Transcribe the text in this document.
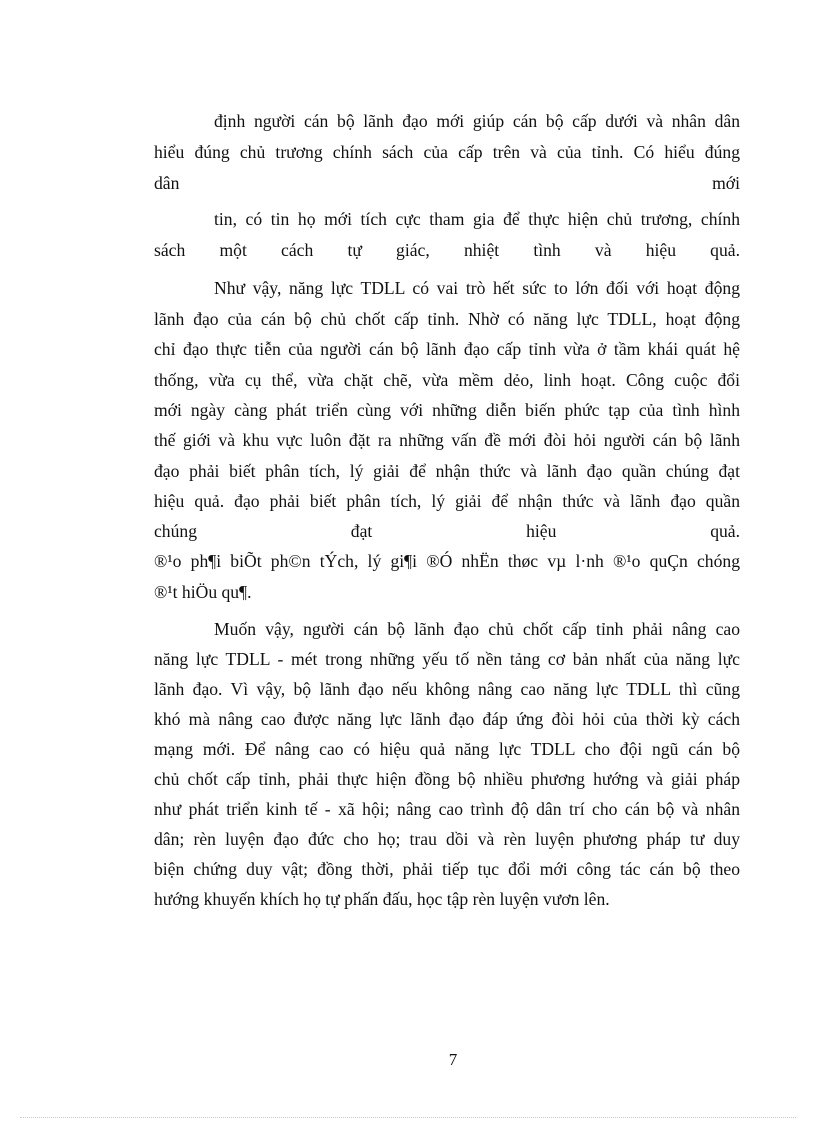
định người cán bộ lãnh đạo mới giúp cán bộ cấp dưới và nhân dân
hiểu đúng chủ trương chính sách của cấp trên và của tỉnh. Có hiểu đúng
dân mới
tin, có tin họ mới tích cực tham gia để thực hiện chủ trương, chính
sách một cách tự giác, nhiệt tình và hiệu quả.
Như vậy, năng lực TDLL có vai trò hết sức to lớn đối với hoạt động
lãnh đạo của cán bộ chủ chốt cấp tỉnh. Nhờ có năng lực TDLL, hoạt động
chỉ đạo thực tiễn của người cán bộ lãnh đạo cấp tỉnh vừa ở tầm khái quát hệ
thống, vừa cụ thể, vừa chặt chẽ, vừa mềm dẻo, linh hoạt. Công cuộc đổi
mới ngày càng phát triển cùng với những diễn biến phức tạp của tình hình
thế giới và khu vực luôn đặt ra những vấn đề mới đòi hỏi người cán bộ lãnh
đạo phải biết phân tích, lý giải để nhận thức và lãnh đạo quần chúng đạt
hiệu quả. đạo phải biết phân tích, lý giải để nhận thức và lãnh đạo quần
chúng đạt hiệu quả.
®¹o ph¶i biÕt ph©n tÝch, lý gi¶i ®Ó nhËn thøc vµ l·nh ®¹o quÇn chóng
®¹t hiÖu qu¶.
Muốn vậy, người cán bộ lãnh đạo chủ chốt cấp tỉnh phải nâng cao
năng lực TDLL - mét trong những yếu tố nền tảng cơ bản nhất của năng lực
lãnh đạo. Vì vậy, bộ lãnh đạo nếu không nâng cao năng lực TDLL thì cũng
khó mà nâng cao được năng lực lãnh đạo đáp ứng đòi hỏi của thời kỳ cách
mạng mới. Để nâng cao có hiệu quả năng lực TDLL cho đội ngũ cán bộ
chủ chốt cấp tỉnh, phải thực hiện đồng bộ nhiều phương hướng và giải pháp
như phát triển kinh tế - xã hội; nâng cao trình độ dân trí cho cán bộ và nhân
dân; rèn luyện đạo đức cho họ; trau dồi và rèn luyện phương pháp tư duy
biện chứng duy vật; đồng thời, phải tiếp tục đổi mới công tác cán bộ theo
hướng khuyến khích họ tự phấn đấu, học tập rèn luyện vươn lên.
7
